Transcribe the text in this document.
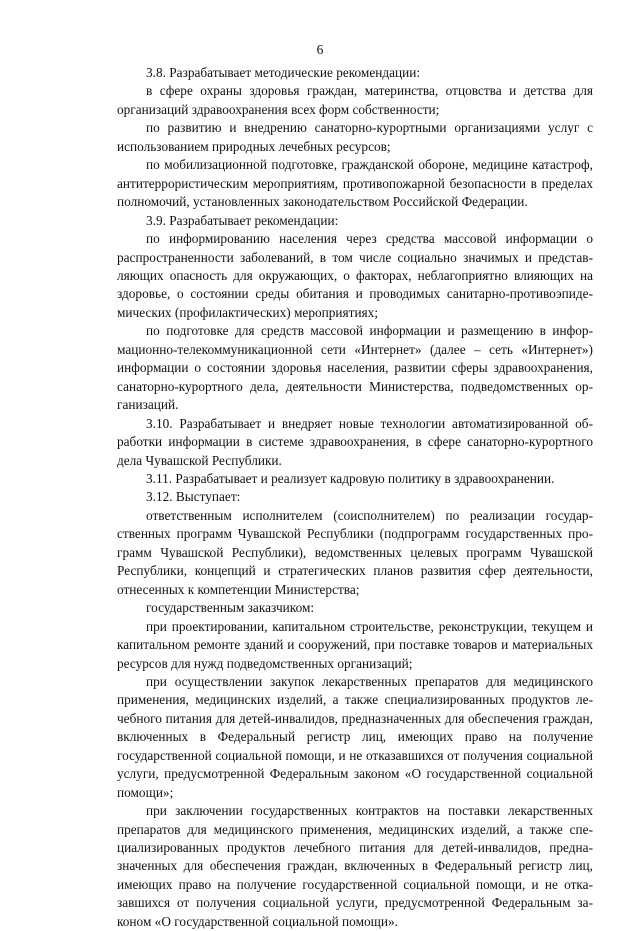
6

3.8. Разрабатывает методические рекомендации:

в сфере охраны здоровья граждан, материнства, отцовства и детства для организаций здравоохранения всех форм собственности;

по развитию и внедрению санаторно-курортными организациями услуг с использованием природных лечебных ресурсов;

по мобилизационной подготовке, гражданской обороне, медицине катастроф, антитеррористическим мероприятиям, противопожарной безопасности в пределах полномочий, установленных законодательством Российской Федерации.

3.9. Разрабатывает рекомендации:

по информированию населения через средства массовой информации о распространенности заболеваний, в том числе социально значимых и представляющих опасность для окружающих, о факторах, неблагоприятно влияющих на здоровье, о состоянии среды обитания и проводимых санитарно-противоэпидемических (профилактических) мероприятиях;

по подготовке для средств массовой информации и размещению в информационно-телекоммуникационной сети «Интернет» (далее – сеть «Интернет») информации о состоянии здоровья населения, развитии сферы здравоохранения, санаторно-курортного дела, деятельности Министерства, подведомственных организаций.

3.10. Разрабатывает и внедряет новые технологии автоматизированной обработки информации в системе здравоохранения, в сфере санаторно-курортного дела Чувашской Республики.

3.11. Разрабатывает и реализует кадровую политику в здравоохранении.

3.12. Выступает:

ответственным исполнителем (соисполнителем) по реализации государственных программ Чувашской Республики (подпрограмм государственных программ Чувашской Республики), ведомственных целевых программ Чувашской Республики, концепций и стратегических планов развития сфер деятельности, отнесенных к компетенции Министерства;

государственным заказчиком:

при проектировании, капитальном строительстве, реконструкции, текущем и капитальном ремонте зданий и сооружений, при поставке товаров и материальных ресурсов для нужд подведомственных организаций;

при осуществлении закупок лекарственных препаратов для медицинского применения, медицинских изделий, а также специализированных продуктов лечебного питания для детей-инвалидов, предназначенных для обеспечения граждан, включенных в Федеральный регистр лиц, имеющих право на получение государственной социальной помощи, и не отказавшихся от получения социальной услуги, предусмотренной Федеральным законом «О государственной социальной помощи»;

при заключении государственных контрактов на поставки лекарственных препаратов для медицинского применения, медицинских изделий, а также специализированных продуктов лечебного питания для детей-инвалидов, предназначенных для обеспечения граждан, включенных в Федеральный регистр лиц, имеющих право на получение государственной социальной помощи, и не отказавшихся от получения социальной услуги, предусмотренной Федеральным законом «О государственной социальной помощи».
